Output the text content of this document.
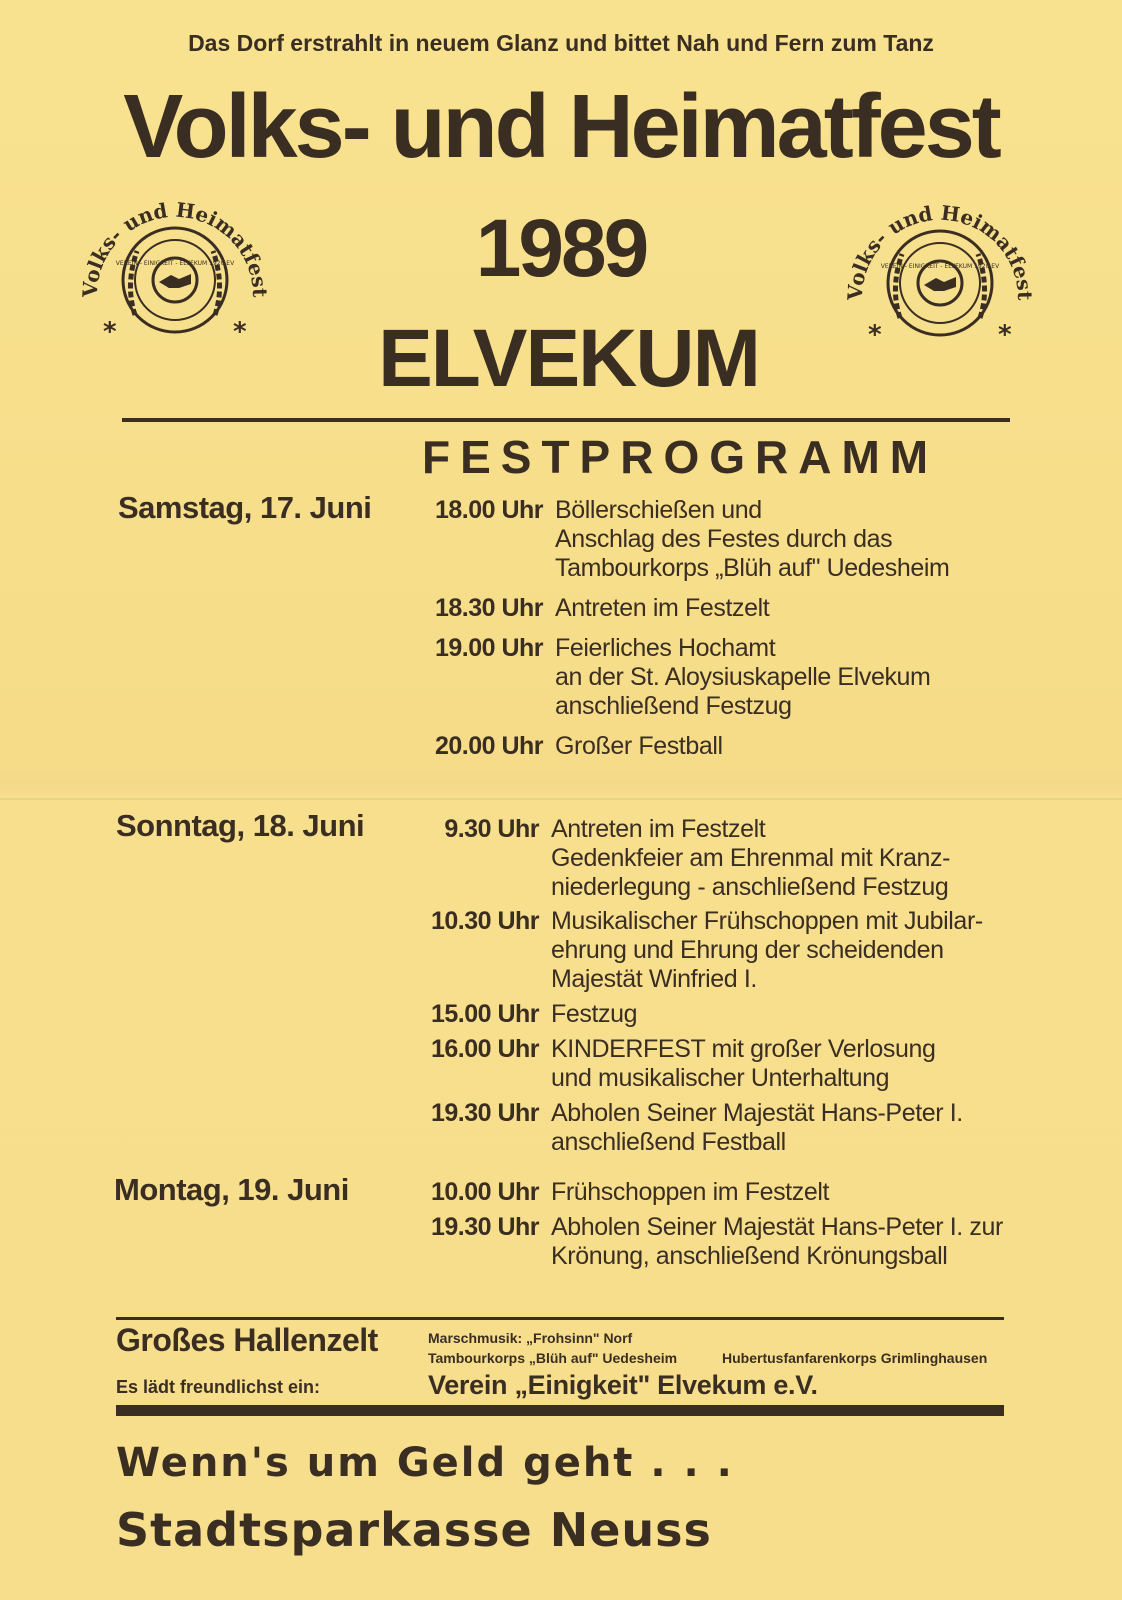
Das Dorf erstrahlt in neuem Glanz und bittet Nah und Fern zum Tanz
Volks- und Heimatfest
1989
ELVEKUM
Volks- und Heimatfest
VEREIN - EINIGKEIT - ELVEKUM 1920 EV
*	*
Volks- und Heimatfest
VEREIN - EINIGKEIT - ELVEKUM 1920 EV
*	*
FESTPROGRAMM
Samstag, 17. Juni	18.00 Uhr Böllerschießen und
Anschlag des Festes durch das
Tambourkorps „Blüh auf" Uedesheim
18.30 Uhr Antreten im Festzelt
19.00 Uhr Feierliches Hochamt
an der St. Aloysiuskapelle Elvekum
anschließend Festzug
20.00 Uhr Großer Festball
Sonntag, 18. Juni	9.30 Uhr Antreten im Festzelt
Gedenkfeier am Ehrenmal mit Kranz-
niederlegung - anschließend Festzug
10.30 Uhr Musikalischer Frühschoppen mit Jubilar-
ehrung und Ehrung der scheidenden
Majestät Winfried I.
15.00 Uhr Festzug
16.00 Uhr KINDERFEST mit großer Verlosung
und musikalischer Unterhaltung
19.30 Uhr Abholen Seiner Majestät Hans-Peter I.
anschließend Festball
Montag, 19. Juni	10.00 Uhr Frühschoppen im Festzelt
19.30 Uhr Abholen Seiner Majestät Hans-Peter I. zur
Krönung, anschließend Krönungsball
Großes Hallenzelt	Marschmusik: „Frohsinn" Norf
Tambourkorps „Blüh auf" Uedesheim	Hubertusfanfarenkorps Grimlinghausen
Es lädt freundlichst ein:	Verein „Einigkeit" Elvekum e.V.
Wenn's um Geld geht . . .
Stadtsparkasse Neuss
